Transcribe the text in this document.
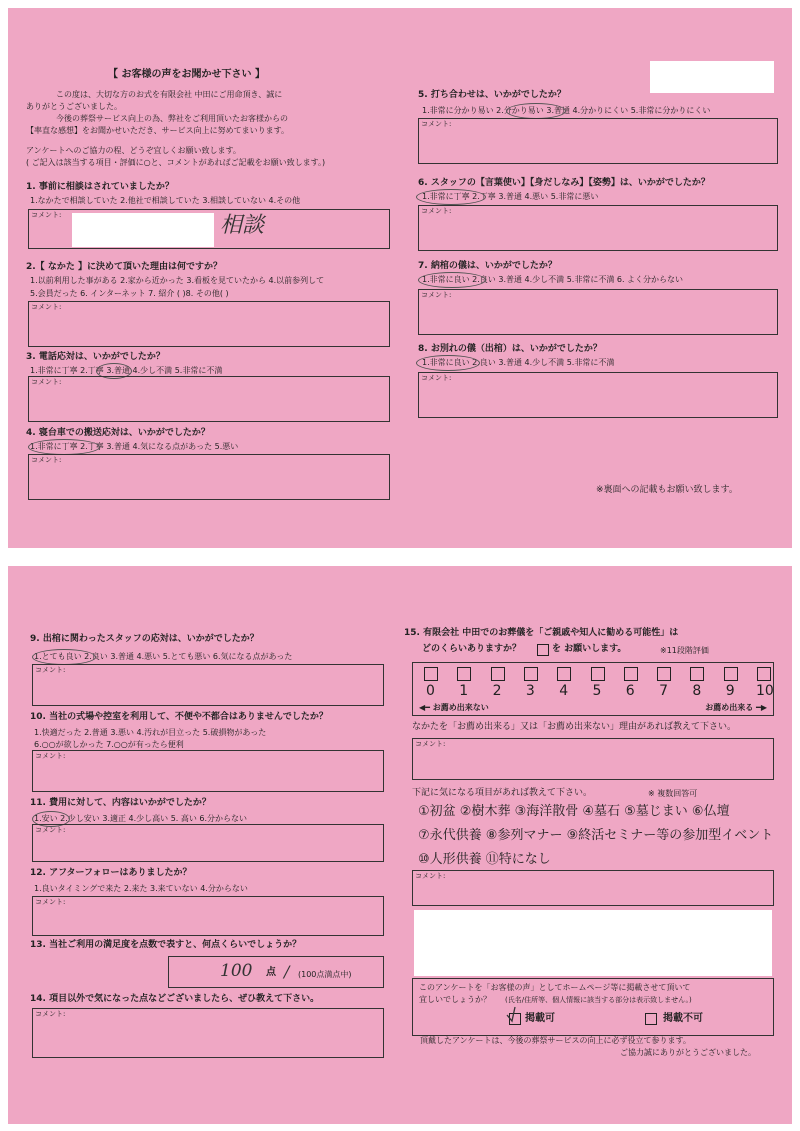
【 お客様の声をお聞かせ下さい 】
この度は、大切な方のお式を有限会社 中田にご用命頂き、誠に
ありがとうございました。
今後の葬祭サービス向上の為、弊社をご利用頂いたお客様からの
【率直な感想】をお聞かせいただき、サービス向上に努めてまいります。
アンケートへのご協力の程、どうぞ宜しくお願い致します。
( ご記入は該当する項目・評価に○と、コメントがあればご記載をお願い致します。)
1. 事前に相談はされていましたか？
1.なかたで相談していた 2.他社で相談していた 3.相談していない 4.その他
コメント:	相談
2.【 なかた 】に決めて頂いた理由は何ですか？
1.以前利用した事がある 2.家から近かった 3.看板を見ていたから 4.以前参列して
5.会員だった 6. インターネット 7. 紹介 ( )8. その他( )
コメント:
3. 電話応対は、いかがでしたか？
1.非常に丁寧 2.丁寧 3.普通 4.少し不満 5.非常に不満
コメント:
4. 寝台車での搬送応対は、いかがでしたか？
1.非常に丁寧 2.丁寧 3.普通 4.気になる点があった 5.悪い
コメント:
5. 打ち合わせは、いかがでしたか？
1.非常に分かり易い 2.分かり易い 3.普通 4.分かりにくい 5.非常に分かりにくい
コメント:
6. スタッフの【言葉使い】【身だしなみ】【姿勢】は、いかがでしたか？
1.非常に丁寧 2.丁寧 3.普通 4.悪い 5.非常に悪い
コメント:
7. 納棺の儀は、いかがでしたか？
1.非常に良い 2.良い 3.普通 4.少し不満 5.非常に不満 6. よく分からない
コメント:
8. お別れの儀（出棺）は、いかがでしたか？
1.非常に良い 2.良い 3.普通 4.少し不満 5.非常に不満
コメント:
※裏面への記載もお願い致します。
9. 出棺に関わったスタッフの応対は、いかがでしたか？
1.とても良い 2.良い 3.普通 4.悪い 5.とても悪い 6.気になる点があった
コメント:
10. 当社の式場や控室を利用して、不便や不都合はありませんでしたか？
1.快適だった 2.普通 3.悪い 4.汚れが目立った 5.破損物があった
6.○○が欲しかった 7.○○が有ったら便利
コメント:
11. 費用に対して、内容はいかがでしたか？
1.安い 2.少し安い 3.適正 4.少し高い 5. 高い 6.分からない
コメント:
12. アフターフォローはありましたか？
1.良いタイミングで来た 2.来た 3.来ていない 4.分からない
コメント:
13. 当社ご利用の満足度を点数で表すと、何点くらいでしょうか？
100 点 / (100点満点中)
14. 項目以外で気になった点などございましたら、ぜひ教えて下さい。
コメント:
15. 有限会社 中田でのお葬儀を「ご親戚や知人に勧める可能性」は
どのくらいありますか？	を お願いします。	※11段階評価
0 1 2 3 4 5 6 7 8 9 10
◀━ お薦め出来ない	お薦め出来る ━▶
なかたを「お薦め出来る」又は「お薦め出来ない」理由があれば教えて下さい。
コメント:
下記に気になる項目があれば教えて下さい。	※ 複数回答可
①初盆 ②樹木葬 ③海洋散骨 ④墓石 ⑤墓じまい ⑥仏壇
⑦永代供養 ⑧参列マナー ⑨終活セミナー等の参加型イベント
⑩人形供養 ⑪特になし
コメント:
このアンケートを「お客様の声」としてホームページ等に掲載させて頂いて
宜しいでしょうか？ (氏名/住所等、個人情報に該当する部分は表示致しません。)
掲載可	掲載不可
頂戴したアンケートは、今後の葬祭サービスの向上に必ず役立て参ります。
ご協力誠にありがとうございました。
